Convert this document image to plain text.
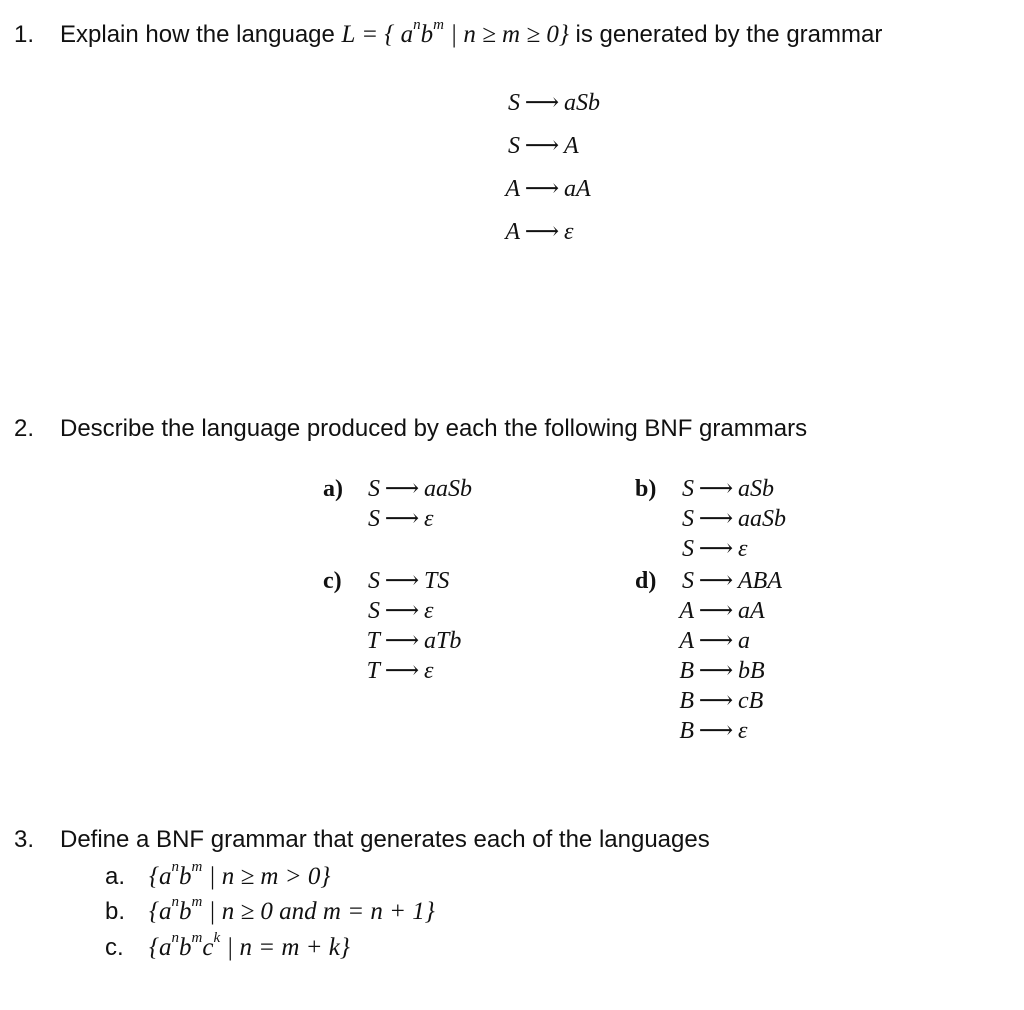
1. Explain how the language L = { $a^nb^m$ | n ≥ m ≥ 0} is generated by the grammar
S ⟶ aSb
S ⟶ A
A ⟶ aA
A ⟶ ε
2. Describe the language produced by each the following BNF grammars
a)	b)
c)	d)
S ⟶ aaSb
S ⟶ ε
S ⟶ aSb
S ⟶ aaSb
S ⟶ ε
S ⟶ TS
S ⟶ ε
T ⟶ aTb
T ⟶ ε
S ⟶ ABA
A ⟶ aA
A ⟶ a
B ⟶ bB
B ⟶ cB
B ⟶ ε
3. Define a BNF grammar that generates each of the languages
a. {$a^nb^m$ | n ≥ m > 0}
b. {$a^nb^m$ | n ≥ 0 and m = n + 1}
c. {$a^nb^mc^k$ | n = m + k}
